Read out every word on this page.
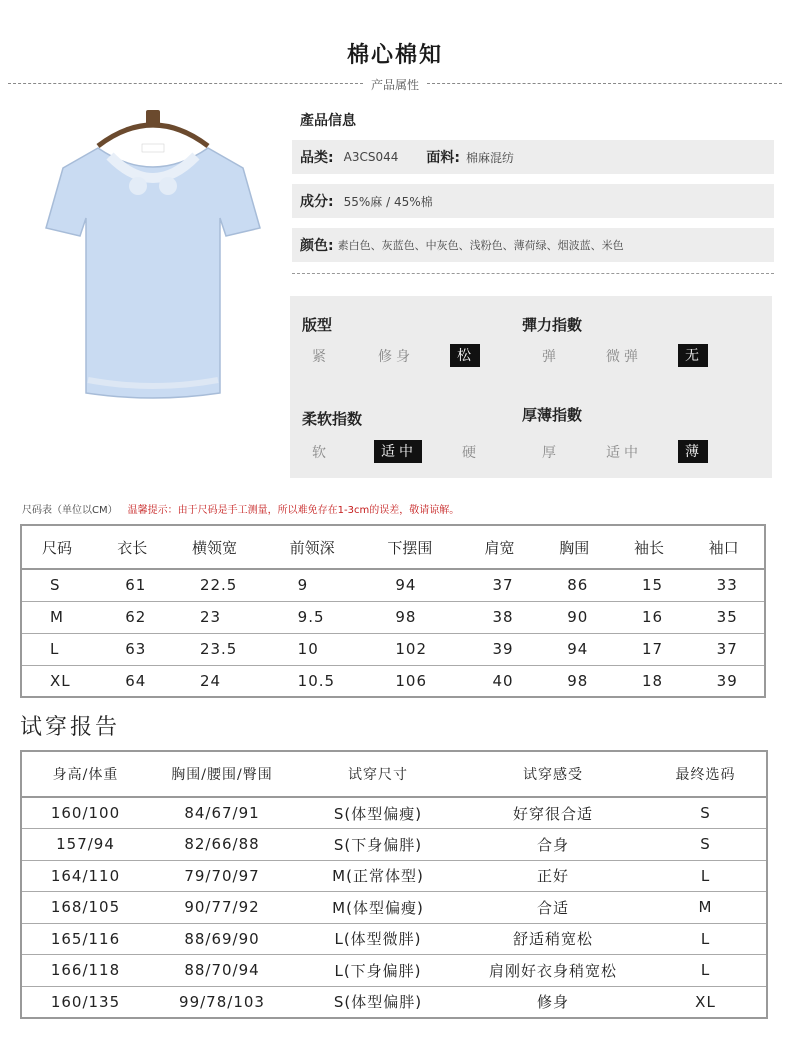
棉心棉知
产品属性
產品信息
品类: A3CS044 面料: 棉麻混纺
成分: 55%麻 / 45%棉
颜色: 素白色、灰蓝色、中灰色、浅粉色、薄荷绿、烟波蓝、米色
版型
紧	修身	松
彈力指數
弹	微弹	无
柔软指数
软	适中	硬
厚薄指數
厚	适中	薄
尺码表（单位以CM） 温馨提示：由于尺码是手工测量，所以难免存在1-3cm的误差，敬请谅解。
尺码	衣长	横领宽	前领深	下摆围	肩宽	胸围	袖长	袖口
S	61	22.5	9	94	37	86	15	33
M	62	23	9.5	98	38	90	16	35
L	63	23.5	10	102	39	94	17	37
XL	64	24	10.5	106	40	98	18	39
试穿报告
身高/体重	胸围/腰围/臀围	试穿尺寸	试穿感受	最终选码
160/100	84/67/91	S(体型偏瘦)	好穿很合适	S
157/94	82/66/88	S(下身偏胖)	合身	S
164/110	79/70/97	M(正常体型)	正好	L
168/105	90/77/92	M(体型偏瘦)	合适	M
165/116	88/69/90	L(体型微胖)	舒适稍宽松	L
166/118	88/70/94	L(下身偏胖)	肩刚好衣身稍宽松	L
160/135	99/78/103	S(体型偏胖)	修身	XL
